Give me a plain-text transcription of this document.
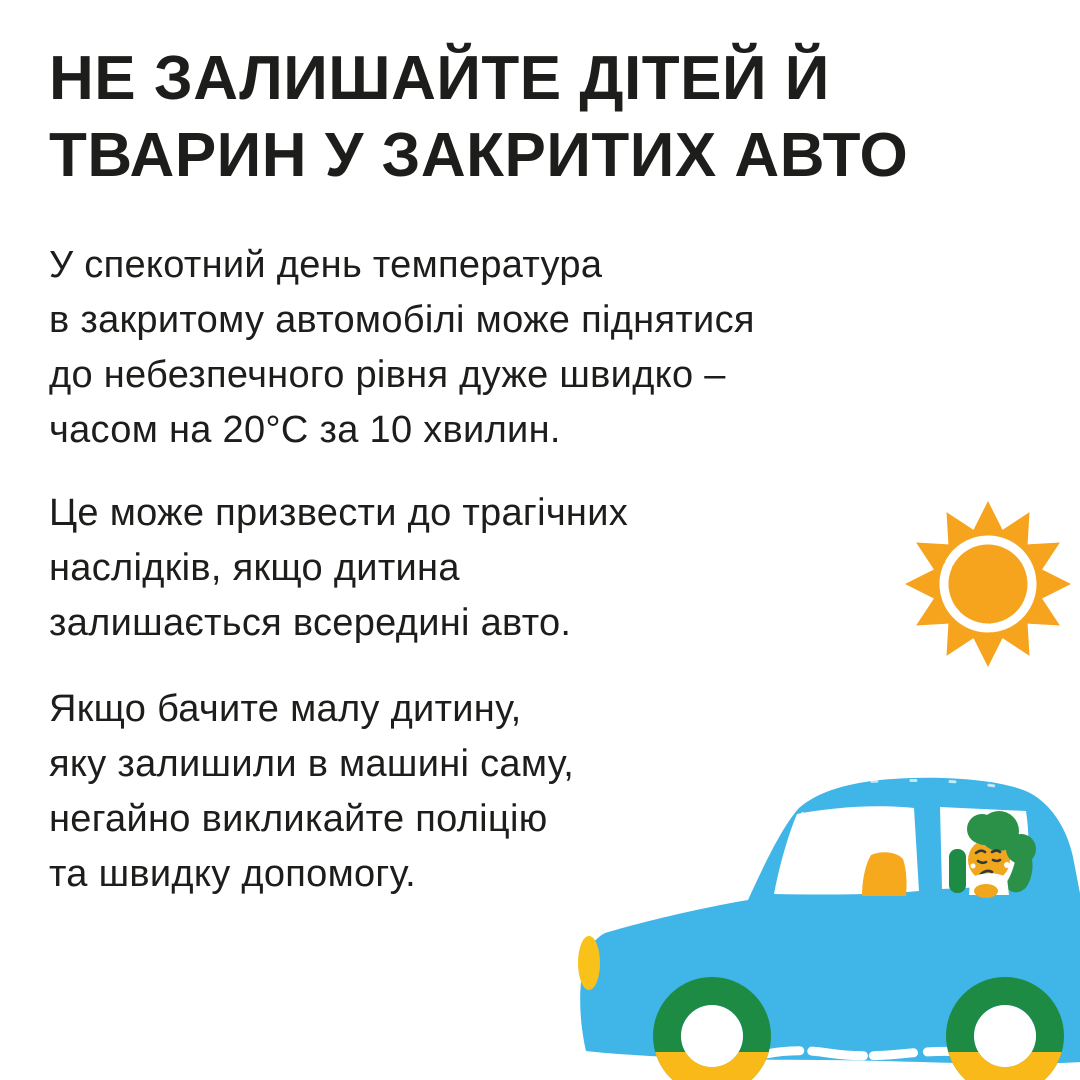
НЕ ЗАЛИШАЙТЕ ДІТЕЙ Й
ТВАРИН У ЗАКРИТИХ АВТО
У спекотний день температура
в закритому автомобілі може піднятися
до небезпечного рівня дуже швидко –
часом на 20°C за 10 хвилин.
Це може призвести до трагічних
наслідків, якщо дитина
залишається всередині авто.
Якщо бачите малу дитину,
яку залишили в машині саму,
негайно викликайте поліцію
та швидку допомогу.
